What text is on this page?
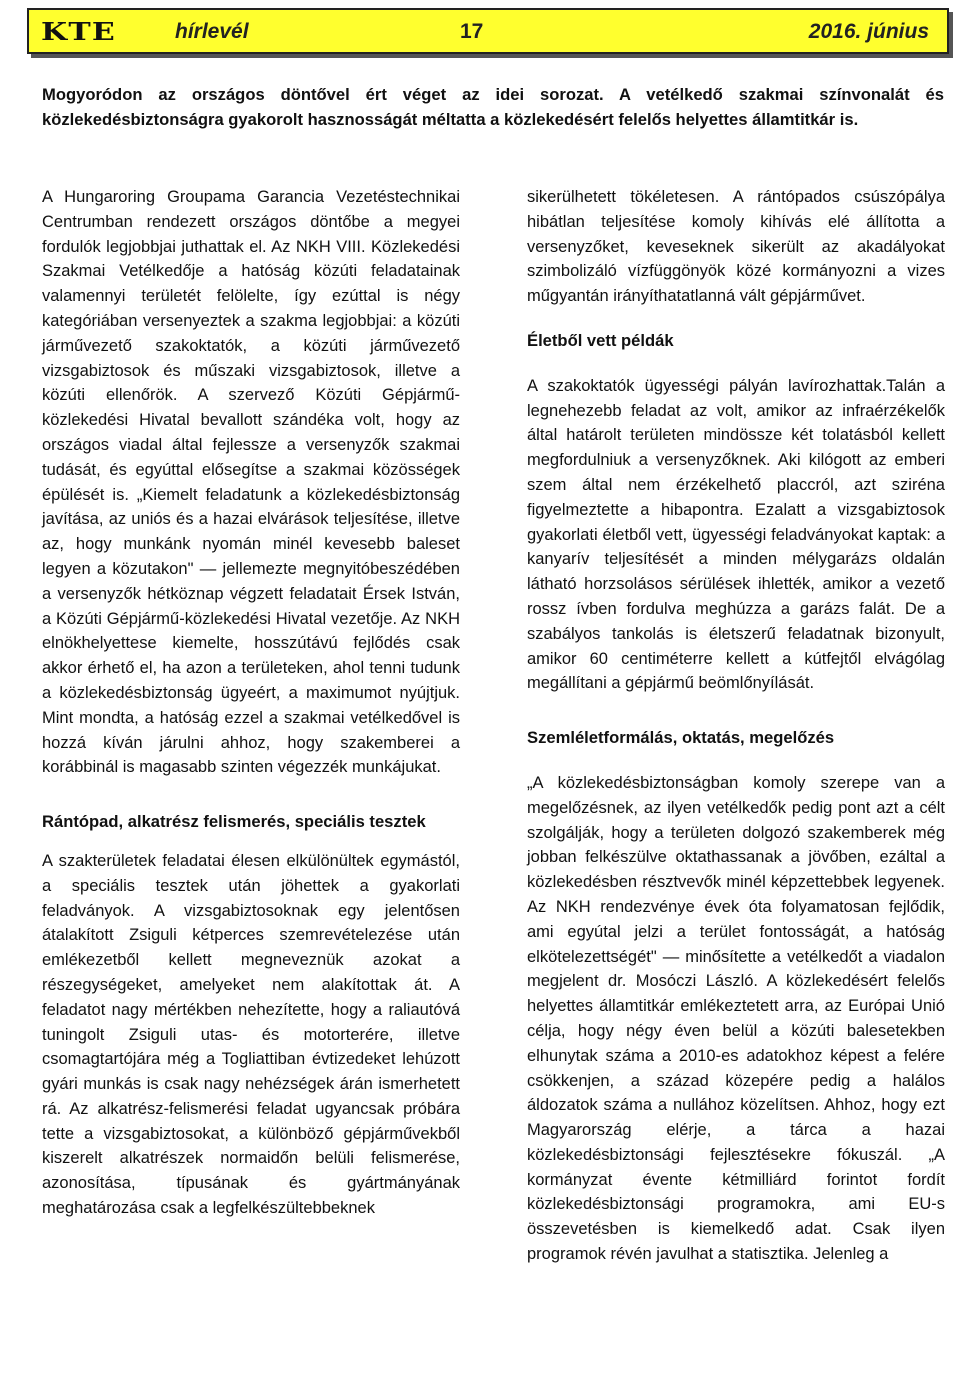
KTE	hírlevél	17	2016. június

Mogyoródon az országos döntővel ért véget az idei sorozat. A vetélkedő szakmai színvonalát és közlekedésbiztonságra gyakorolt hasznosságát méltatta a közlekedésért felelős helyettes államtitkár is.

A Hungaroring Groupama Garancia Vezetéstechnikai Centrumban rendezett országos döntőbe a megyei fordulók legjobbjai juthattak el. Az NKH VIII. Közlekedési Szakmai Vetélkedője a hatóság közúti feladatainak valamennyi területét felölelte, így ezúttal is négy kategóriában versenyeztek a szakma legjobbjai: a közúti járművezető szakoktatók, a közúti járművezető vizsgabiztosok és műszaki vizsgabiztosok, illetve a közúti ellenőrök. A szervező Közúti Gépjármű-közlekedési Hivatal bevallott szándéka volt, hogy az országos viadal által fejlessze a versenyzők szakmai tudását, és egyúttal elősegítse a szakmai közösségek épülését is. „Kiemelt feladatunk a közlekedésbiztonság javítása, az uniós és a hazai elvárások teljesítése, illetve az, hogy munkánk nyomán minél kevesebb baleset legyen a közutakon" — jellemezte megnyitóbeszédében a versenyzők hétköznap végzett feladatait Érsek István, a Közúti Gépjármű-közlekedési Hivatal vezetője. Az NKH elnökhelyettese kiemelte, hosszútávú fejlődés csak akkor érhető el, ha azon a területeken, ahol tenni tudunk a közlekedésbiztonság ügyeért, a maximumot nyújtjuk. Mint mondta, a hatóság ezzel a szakmai vetélkedővel is hozzá kíván járulni ahhoz, hogy szakemberei a korábbinál is magasabb szinten végezzék munkájukat.

Rántópad, alkatrész felismerés, speciális tesztek

A szakterületek feladatai élesen elkülönültek egymástól, a speciális tesztek után jöhettek a gyakorlati feladványok. A vizsgabiztosoknak egy jelentősen átalakított Zsiguli kétperces szemrevételezése után emlékezetből kellett megneveznük azokat a részegységeket, amelyeket nem alakítottak át. A feladatot nagy mértékben nehezítette, hogy a raliautóvá tuningolt Zsiguli utas- és motorterére, illetve csomagtartójára még a Togliattiban évtizedeket lehúzott gyári munkás is csak nagy nehézségek árán ismerhetett rá. Az alkatrész-felismerési feladat ugyancsak próbára tette a vizsgabiztosokat, a különböző gépjárművekből kiszerelt alkatrészek normaidőn belüli felismerése, azonosítása, típusának és gyártmányának meghatározása csak a legfelkészültebbeknek

sikerülhetett tökéletesen. A rántópados csúszópálya hibátlan teljesítése komoly kihívás elé állította a versenyzőket, keveseknek sikerült az akadályokat szimbolizáló vízfüggönyök közé kormányozni a vizes műgyantán irányíthatatlanná vált gépjárművet.

Életből vett példák

A szakoktatók ügyességi pályán lavírozhattak.Talán a legnehezebb feladat az volt, amikor az infraérzékelők által határolt területen mindössze két tolatásból kellett megfordulniuk a versenyzőknek. Aki kilógott az emberi szem által nem érzékelhető placcról, azt sziréna figyelmeztette a hibapontra. Ezalatt a vizsgabiztosok gyakorlati életből vett, ügyességi feladványokat kaptak: a kanyarív teljesítését a minden mélygarázs oldalán látható horzsolásos sérülések ihlették, amikor a vezető rossz ívben fordulva meghúzza a garázs falát. De a szabályos tankolás is életszerű feladatnak bizonyult, amikor 60 centiméterre kellett a kútfejtől elvágólag megállítani a gépjármű beömlőnyílását.

Szemléletformálás, oktatás, megelőzés

„A közlekedésbiztonságban komoly szerepe van a megelőzésnek, az ilyen vetélkedők pedig pont azt a célt szolgálják, hogy a területen dolgozó szakemberek még jobban felkészülve oktathassanak a jövőben, ezáltal a közlekedésben résztvevők minél képzettebbek legyenek. Az NKH rendezvénye évek óta folyamatosan fejlődik, ami egyútal jelzi a terület fontosságát, a hatóság elkötelezettségét" — minősítette a vetélkedőt a viadalon megjelent dr. Mosóczi László. A közlekedésért felelős helyettes államtitkár emlékeztetett arra, az Európai Unió célja, hogy négy éven belül a közúti balesetekben elhunytak száma a 2010-es adatokhoz képest a felére csökkenjen, a század közepére pedig a halálos áldozatok száma a nullához közelítsen. Ahhoz, hogy ezt Magyarország elérje, a tárca a hazai közlekedésbiztonsági fejlesztésekre fókuszál. „A kormányzat évente kétmilliárd forintot fordít közlekedésbiztonsági programokra, ami EU-s összevetésben is kiemelkedő adat. Csak ilyen programok révén javulhat a statisztika. Jelenleg a
